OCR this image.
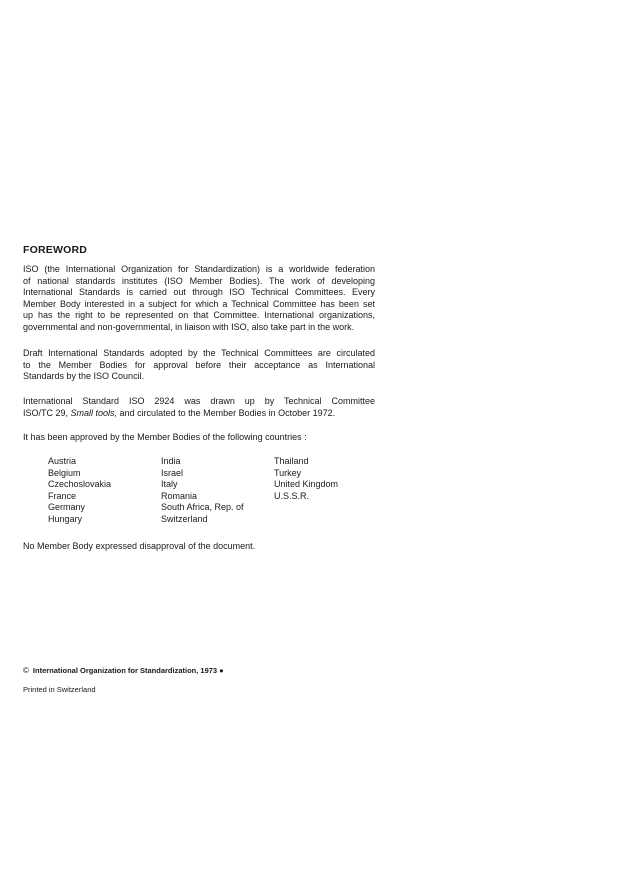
FOREWORD
ISO (the International Organization for Standardization) is a worldwide federation
of national standards institutes (ISO Member Bodies). The work of developing
International Standards is carried out through ISO Technical Committees. Every
Member Body interested in a subject for which a Technical Committee has been set
up has the right to be represented on that Committee. International organizations,
governmental and non-governmental, in liaison with ISO, also take part in the work.
Draft International Standards adopted by the Technical Committees are circulated
to the Member Bodies for approval before their acceptance as International
Standards by the ISO Council.
International Standard ISO 2924 was drawn up by Technical Committee
ISO/TC 29, Small tools, and circulated to the Member Bodies in October 1972.
It has been approved by the Member Bodies of the following countries :
Austria
Belgium
Czechoslovakia
France
Germany
Hungary
India
Israel
Italy
Romania
South Africa, Rep. of
Switzerland
Thailand
Turkey
United Kingdom
U.S.S.R.
No Member Body expressed disapproval of the document.
© International Organization for Standardization, 1973 ●
Printed in Switzerland
